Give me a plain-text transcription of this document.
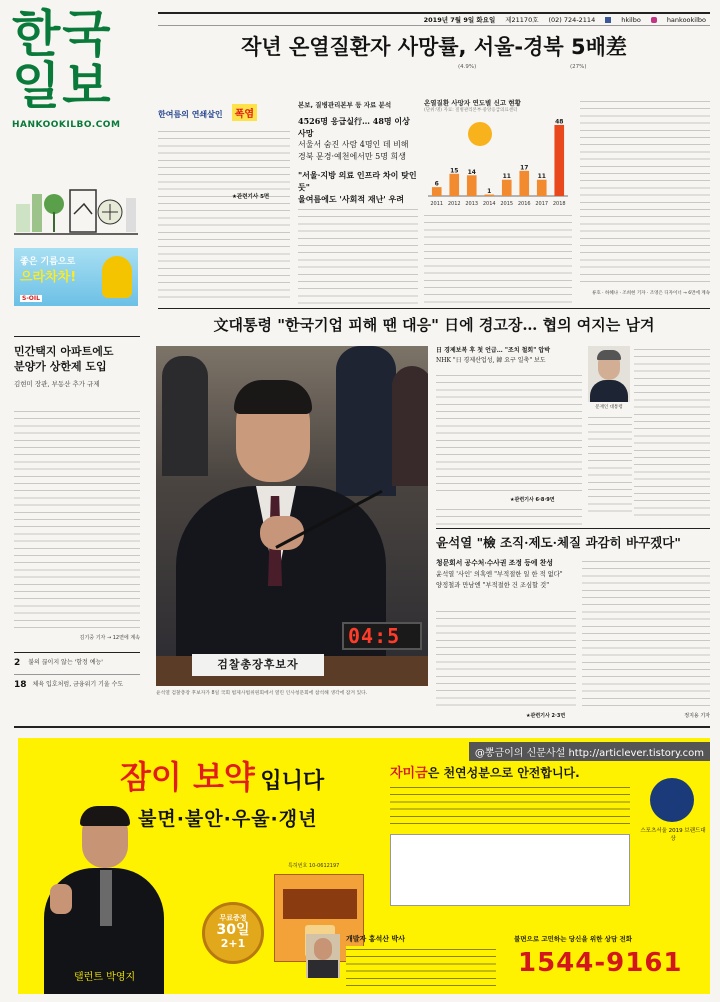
한국
일보
HANKOOKILBO.COM
좋은 기름으로
으라차차!
S-OIL
2019년 7월 9일 화요일 제21170호 (02) 724-2114	hkilbo	hankookilbo
작년 온열질환자 사망률, 서울-경북 5배差
(4.9%)	(27%)
한여름의 연쇄살인 폭염
★관련기사 5면
본보, 질병관리본부 등 자료 분석
4526명 응급실行… 48명 이상 사망
서울서 숨진 사람 4명인 데 비해
경북 문경·예천에서만 5명 희생
"서울·지방 의료 인프라 차이 탓인 듯"
울여름에도 '사회적 재난' 우려
온열질환 사망자 연도별 신고 현황
(단위:명) 자료: 질병관리본부·중앙응급의료센터
6
2011
15
2012
14
2013
1
2014
11
2015
17
2016
11
2017
48
2018
류호 · 하혜나 · 조희현 기자 · 조영은 디자이너 → 6면에 계속
文대통령 "한국기업 피해 땐 대응" 日에 경고장… 협의 여지는 남겨
민간택지 아파트에도
분양가 상한제 도입
김현미 장관, 부동산 추가 규제
김기중 기자 → 12면에 계속
2 불의 끊이지 않는 '함정 예능'
18 체육 입호처럼, 금융위기 기울 수도
04:5
검찰총장후보자
윤석열 검찰총장 후보자가 8일 국회 법제사법위원회에서 열린 인사청문회에 참석해 생각에 잠겨 있다.
日 경제보복 후 첫 언급… "조치 철회" 압박
NHK "日 경제산업성, 韓 요구 일축" 보도
★관련기사 6·8·9면
문재인 대통령
윤석열 "檢 조직·제도·체질 과감히 바꾸겠다"
청문회서 공수처·수사권 조정 등에 찬성
윤석열 '사인' 의혹엔 "부적절한 일 한 적 없다"
양정철과 만남엔 "부적절한 건 조심할 것"
★관련기사 2·3면	정지용 기자
@뽕금이의 신문사설 http://articlever.tistory.com
잠이 보약 입니다
불면·불안·우울·갱년
탤런트 박영지
무료증정
30일
2+1
자미금은 천연성분으로 안전합니다.
특허번호 10-0612197
스포츠서울 2019 브랜드대상
개발자 홍석산 박사	불면으로 고민하는 당신을 위한 상담 전화
1544-9161
